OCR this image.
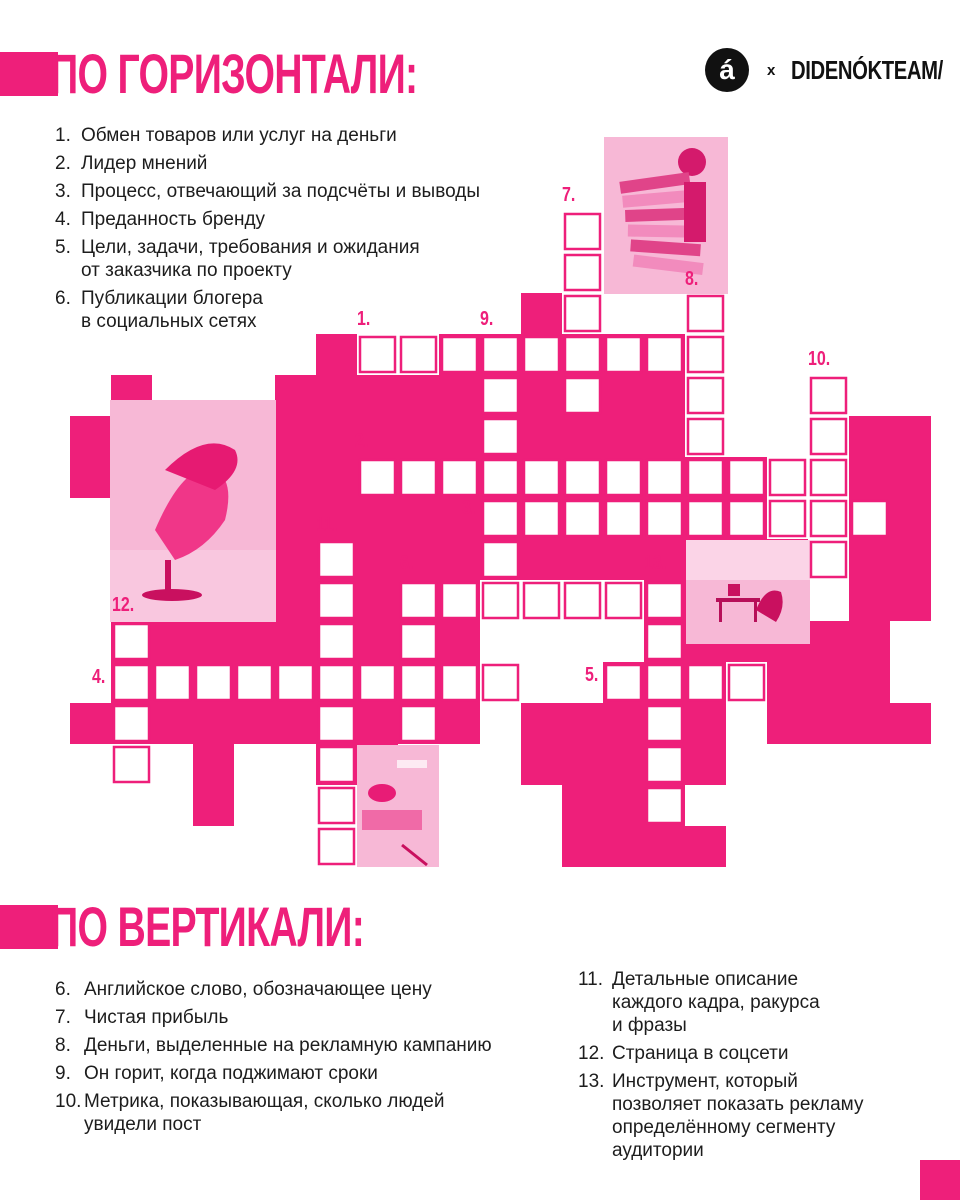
ПО ГОРИЗОНТАЛИ:	á	x DIDENÓKTEAM/
1. Обмен товаров или услуг на деньги
2. Лидер мнений
3. Процесс, отвечающий за подсчёты и выводы
4. Преданность бренду
5. Цели, задачи, требования и ожидания
от заказчика по проекту
6. Публикации блогера
в социальных сетях	1.
2.
3.
4.	5.
6.
7.
8.
9.
10.
11.
12.
13.
ПО ВЕРТИКАЛИ:
6. Английское слово, обозначающее цену
7. Чистая прибыль
8. Деньги, выделенные на рекламную кампанию
9. Он горит, когда поджимают сроки
10. Метрика, показывающая, сколько людей
увидели пост
11. Детальные описание
каждого кадра, ракурса
и фразы
12. Страница в соцсети
13. Инструмент, который
позволяет показать рекламу
определённому сегменту
аудитории
